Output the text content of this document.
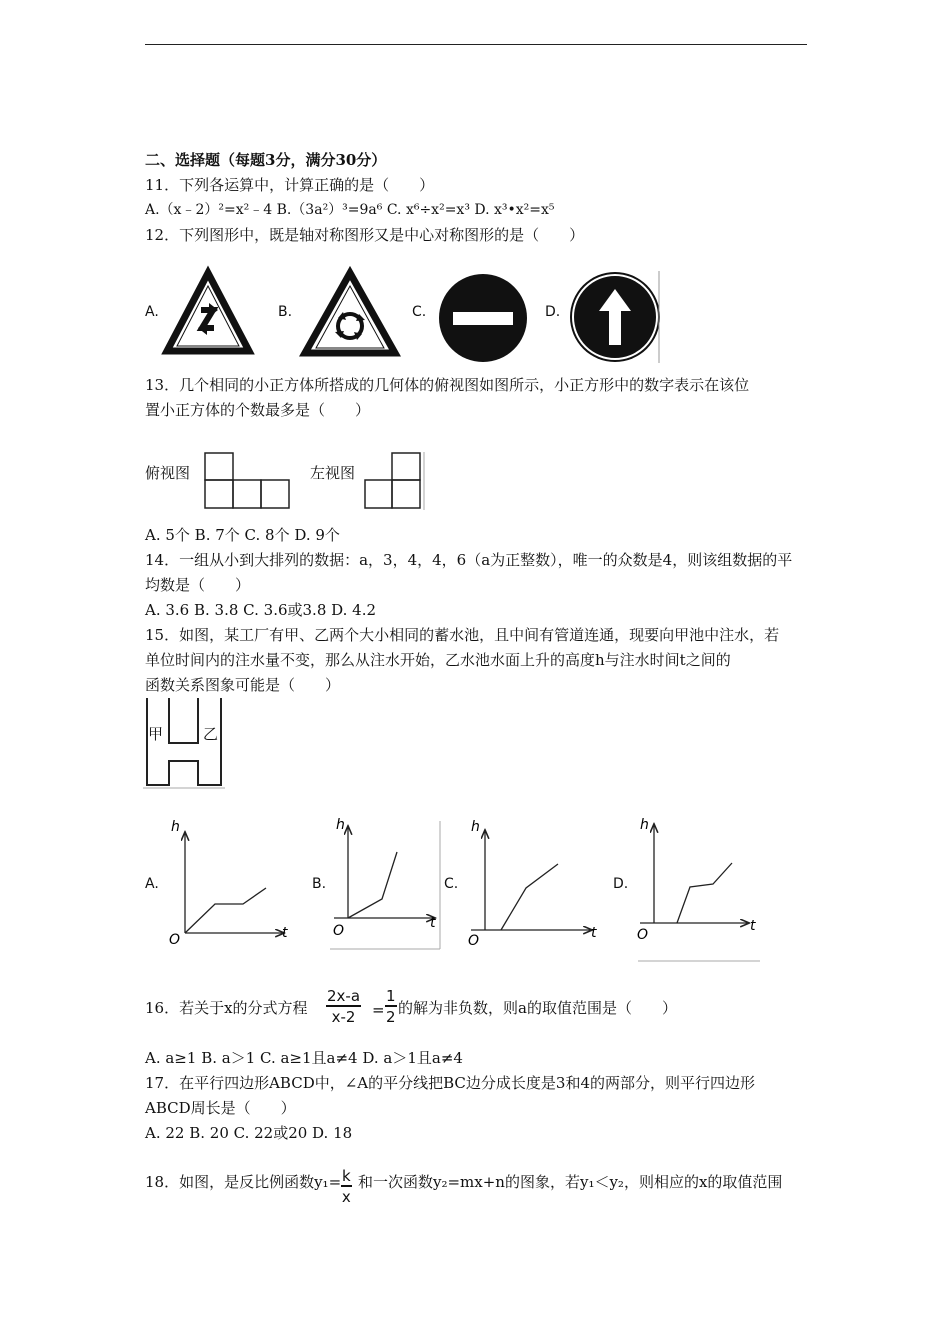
二、选择题（每题3分，满分30分）
11．下列各运算中，计算正确的是（　　）
A.（x﹣2）²=x²﹣4 B.（3a²）³=9a⁶ C. x⁶÷x²=x³ D. x³•x²=x⁵
12．下列图形中，既是轴对称图形又是中心对称图形的是（　　）
A.	B.	C.	D.
13．几个相同的小正方体所搭成的几何体的俯视图如图所示，小正方形中的数字表示在该位
置小正方体的个数最多是（　　）
俯视图	左视图
A. 5个 B. 7个 C. 8个 D. 9个
14．一组从小到大排列的数据：a，3，4，4，6（a为正整数），唯一的众数是4，则该组数据的平
均数是（　　）
A. 3.6 B. 3.8 C. 3.6或3.8 D. 4.2
15．如图，某工厂有甲、乙两个大小相同的蓄水池，且中间有管道连通，现要向甲池中注水，若
单位时间内的注水量不变，那么从注水开始，乙水池水面上升的高度h与注水时间t之间的
函数关系图象可能是（　　）
甲	乙
A.
h
t
O
B.
h
t
O
C.
h
t
O
D.
h
t
O
16．若关于x的分式方程 $\frac{2x-a}{x-2} = \frac{1}{2}$ 的解为非负数，则a的取值范围是（　　）
A. a≥1 B. a＞1 C. a≥1且a≠4 D. a＞1且a≠4
17．在平行四边形ABCD中，∠A的平分线把BC边分成长度是3和4的两部分，则平行四边形
ABCD周长是（　　）
A. 22 B. 20 C. 22或20 D. 18
18．如图，是反比例函数$y_1= \frac{k}{x}$ 和一次函数y₂=mx+n的图象，若y₁＜y₂，则相应的x的取值范围
